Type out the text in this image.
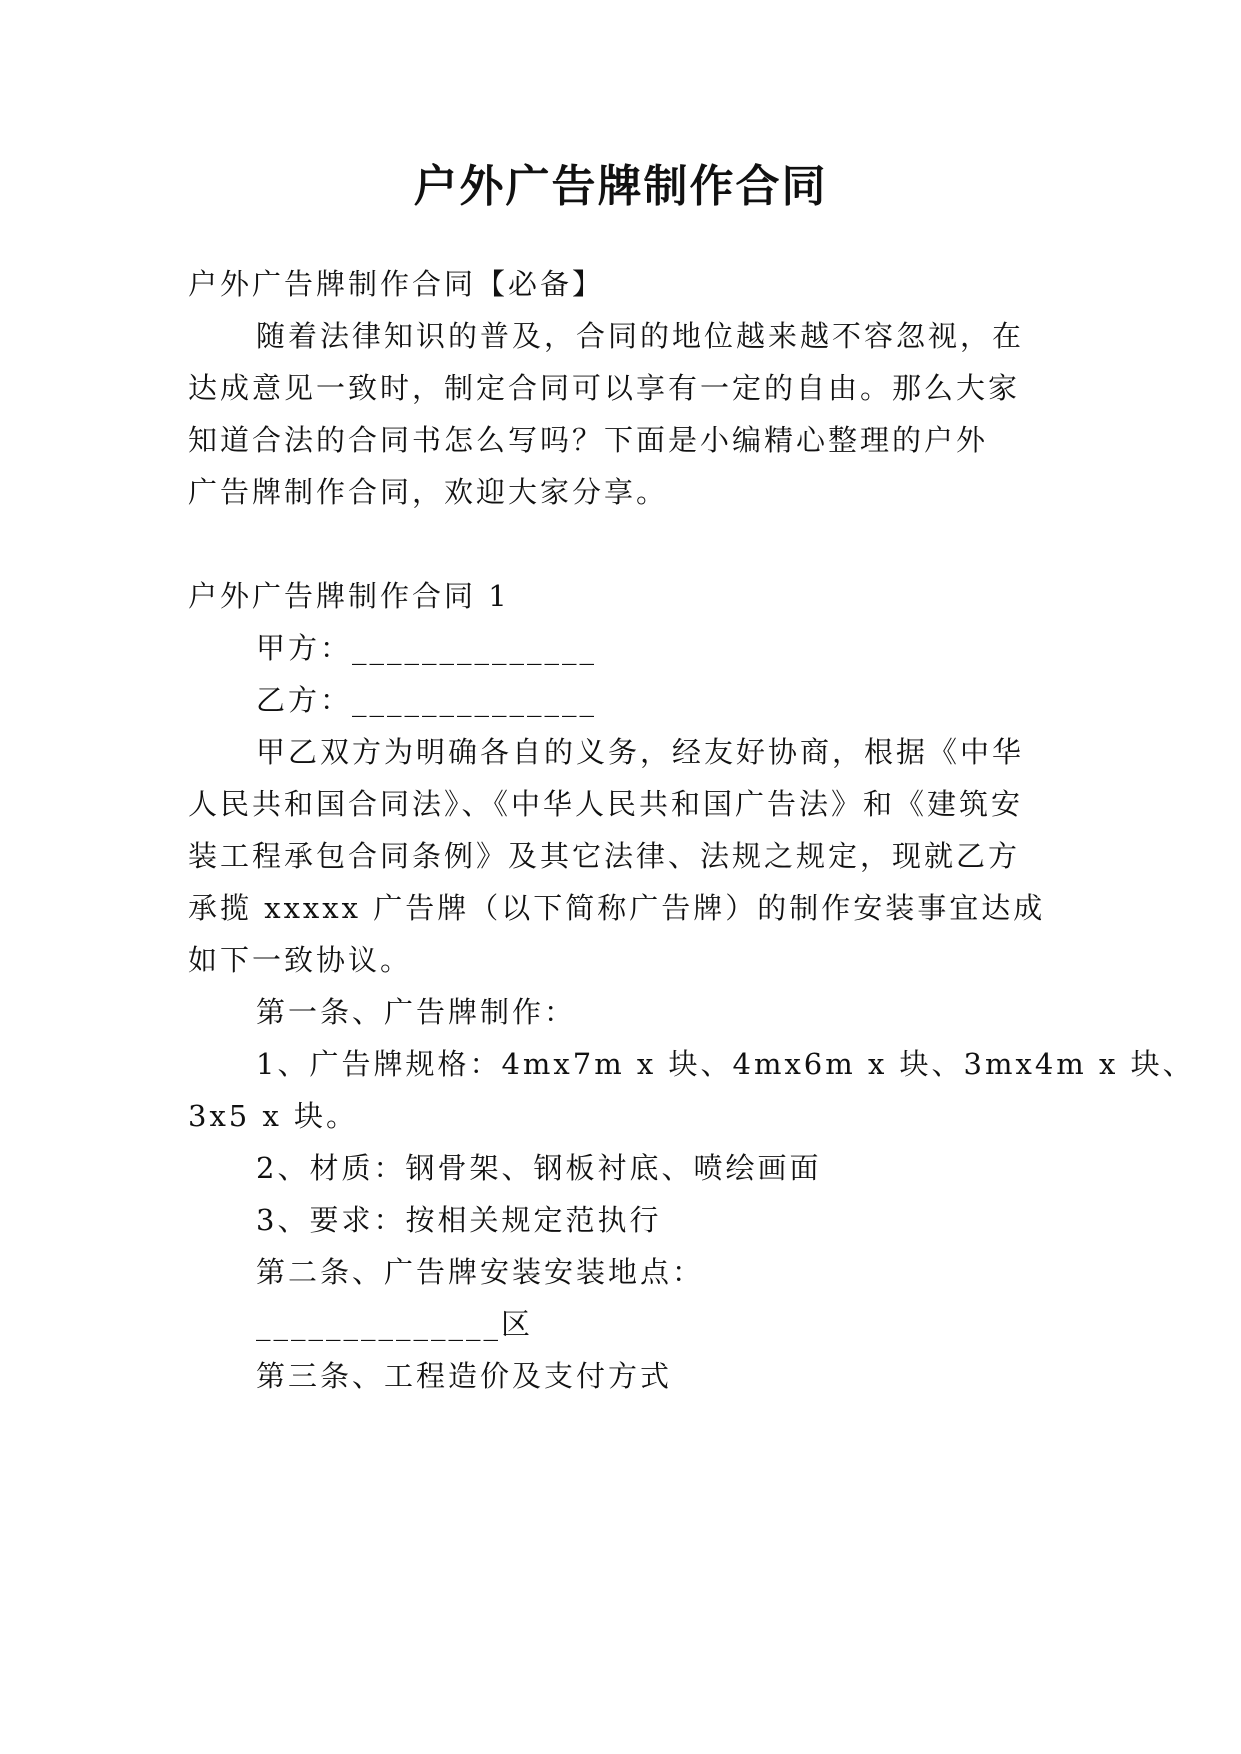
户外广告牌制作合同
户外广告牌制作合同【必备】
随着法律知识的普及，合同的地位越来越不容忽视，在
达成意见一致时，制定合同可以享有一定的自由。那么大家
知道合法的合同书怎么写吗？下面是小编精心整理的户外
广告牌制作合同，欢迎大家分享。
户外广告牌制作合同 1
甲方：______________
乙方：______________
甲乙双方为明确各自的义务，经友好协商，根据《中华
人民共和国合同法》、《中华人民共和国广告法》和《建筑安
装工程承包合同条例》及其它法律、法规之规定，现就乙方
承揽 xxxxx 广告牌（以下简称广告牌）的制作安装事宜达成
如下一致协议。
第一条、广告牌制作：
1、广告牌规格：4mx7m x 块、4mx6m x 块、3mx4m x 块、
3x5 x 块。
2、材质：钢骨架、钢板衬底、喷绘画面
3、要求：按相关规定范执行
第二条、广告牌安装安装地点：
______________区
第三条、工程造价及支付方式
